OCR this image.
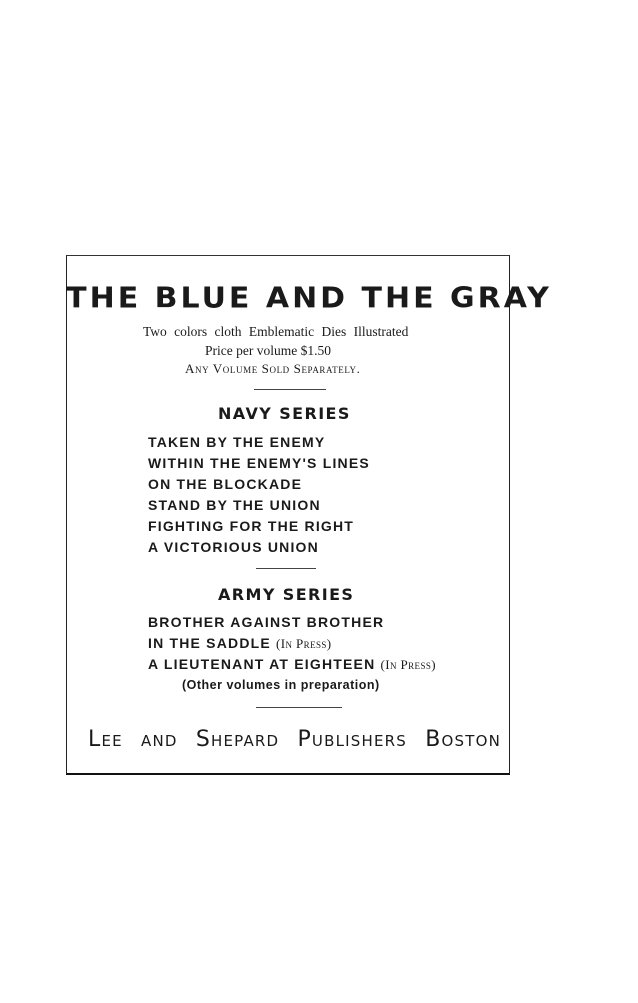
THE BLUE AND THE GRAY
Two colors cloth Emblematic Dies Illustrated
Price per volume $1.50
Any Volume Sold Separately.
NAVY SERIES
TAKEN BY THE ENEMY
WITHIN THE ENEMY'S LINES
ON THE BLOCKADE
STAND BY THE UNION
FIGHTING FOR THE RIGHT
A VICTORIOUS UNION
ARMY SERIES
BROTHER AGAINST BROTHER
IN THE SADDLE (In Press)
A LIEUTENANT AT EIGHTEEN (In Press)
(Other volumes in preparation)
Lee and Shepard Publishers Boston
